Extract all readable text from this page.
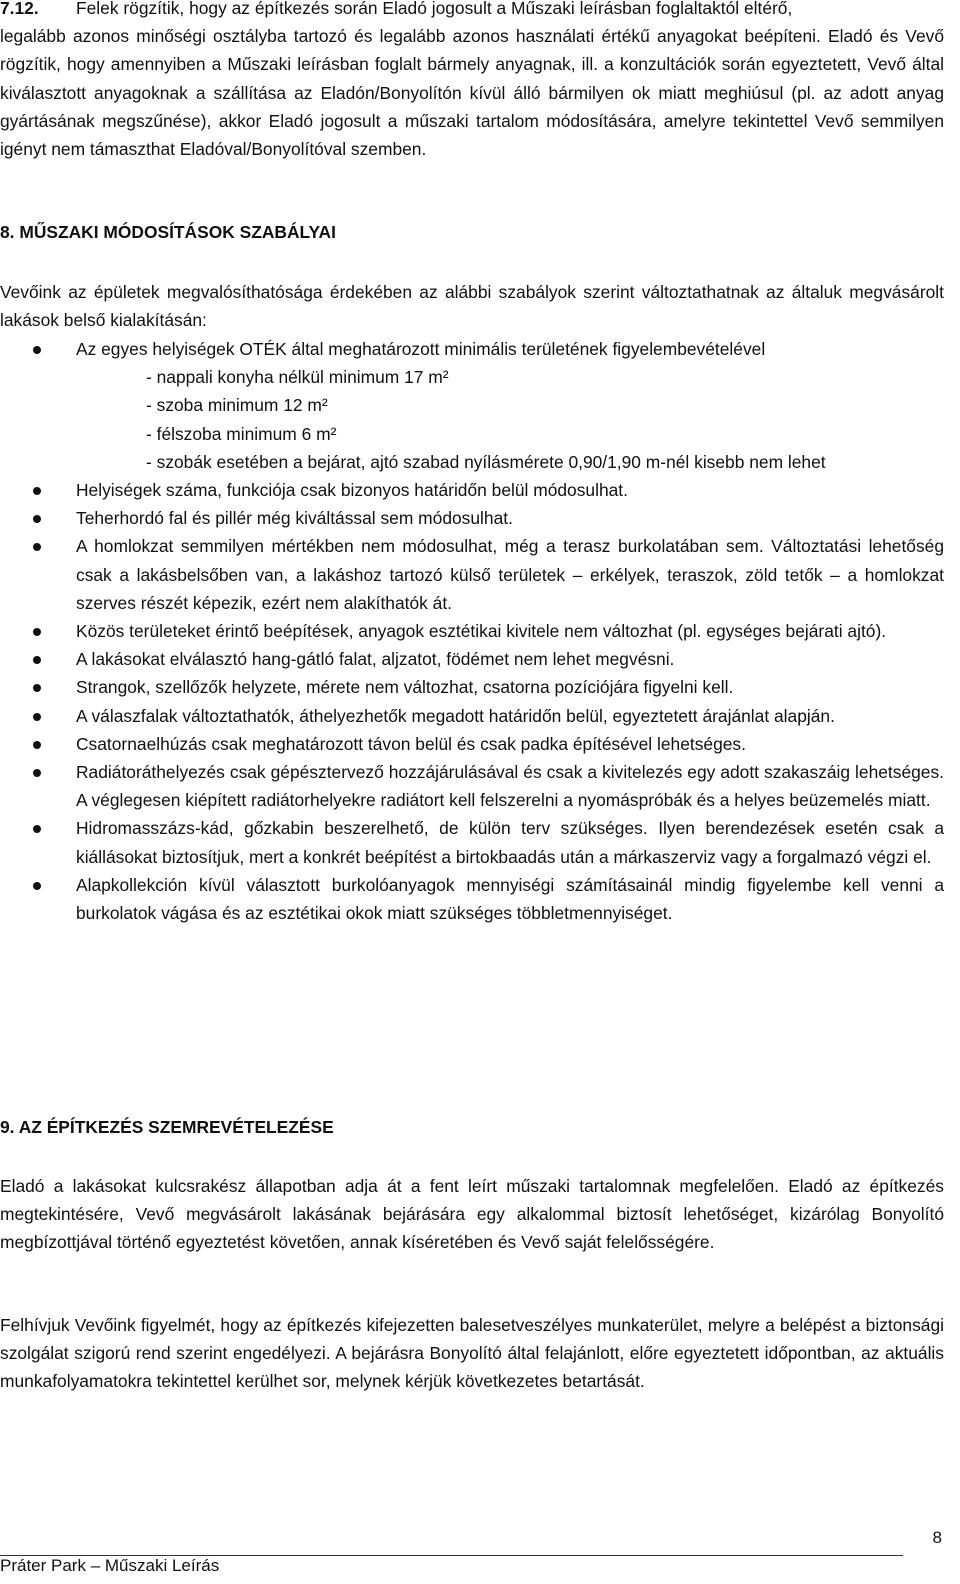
7.12.	Felek rögzítik, hogy az építkezés során Eladó jogosult a Műszaki leírásban foglaltaktól eltérő,

legalább azonos minőségi osztályba tartozó és legalább azonos használati értékű anyagokat beépíteni. Eladó és Vevő rögzítik, hogy amennyiben a Műszaki leírásban foglalt bármely anyagnak, ill. a konzultációk során egyeztetett, Vevő által kiválasztott anyagoknak a szállítása az Eladón/Bonyolítón kívül álló bármilyen ok miatt meghiúsul (pl. az adott anyag gyártásának megszűnése), akkor Eladó jogosult a műszaki tartalom módosítására, amelyre tekintettel Vevő semmilyen igényt nem támaszthat Eladóval/Bonyolítóval szemben.

8. MŰSZAKI MÓDOSÍTÁSOK SZABÁLYAI

Vevőink az épületek megvalósíthatósága érdekében az alábbi szabályok szerint változtathatnak az általuk megvásárolt lakások belső kialakításán:

Az egyes helyiségek OTÉK által meghatározott minimális területének figyelembevételével
- nappali konyha nélkül minimum 17 m²
- szoba minimum 12 m²
- félszoba minimum 6 m²
- szobák esetében a bejárat, ajtó szabad nyílásmérete 0,90/1,90 m-nél kisebb nem lehet
Helyiségek száma, funkciója csak bizonyos határidőn belül módosulhat.
Teherhordó fal és pillér még kiváltással sem módosulhat.
A homlokzat semmilyen mértékben nem módosulhat, még a terasz burkolatában sem. Változtatási lehetőség csak a lakásbelsőben van, a lakáshoz tartozó külső területek – erkélyek, teraszok, zöld tetők – a homlokzat szerves részét képezik, ezért nem alakíthatók át.
Közös területeket érintő beépítések, anyagok esztétikai kivitele nem változhat (pl. egységes bejárati ajtó).
A lakásokat elválasztó hang-gátló falat, aljzatot, födémet nem lehet megvésni.
Strangok, szellőzők helyzete, mérete nem változhat, csatorna pozíciójára figyelni kell.
A válaszfalak változtathatók, áthelyezhetők megadott határidőn belül, egyeztetett árajánlat alapján.
Csatornaelhúzás csak meghatározott távon belül és csak padka építésével lehetséges.
Radiátoráthelyezés csak gépésztervező hozzájárulásával és csak a kivitelezés egy adott szakaszáig lehetséges. A véglegesen kiépített radiátorhelyekre radiátort kell felszerelni a nyomáspróbák és a helyes beüzemelés miatt.
Hidromasszázs-kád, gőzkabin beszerelhető, de külön terv szükséges. Ilyen berendezések esetén csak a kiállásokat biztosítjuk, mert a konkrét beépítést a birtokbaadás után a márkaszerviz vagy a forgalmazó végzi el.
Alapkollekción kívül választott burkolóanyagok mennyiségi számításainál mindig figyelembe kell venni a burkolatok vágása és az esztétikai okok miatt szükséges többletmennyiséget.
9. AZ ÉPÍTKEZÉS SZEMREVÉTELEZÉSE

Eladó a lakásokat kulcsrakész állapotban adja át a fent leírt műszaki tartalomnak megfelelően. Eladó az építkezés megtekintésére, Vevő megvásárolt lakásának bejárására egy alkalommal biztosít lehetőséget, kizárólag Bonyolító megbízottjával történő egyeztetést követően, annak kíséretében és Vevő saját felelősségére.

Felhívjuk Vevőink figyelmét, hogy az építkezés kifejezetten balesetveszélyes munkaterület, melyre a belépést a biztonsági szolgálat szigorú rend szerint engedélyezi. A bejárásra Bonyolító által felajánlott, előre egyeztetett időpontban, az aktuális munkafolyamatokra tekintettel kerülhet sor, melynek kérjük következetes betartását.

8
Práter Park – Műszaki Leírás
